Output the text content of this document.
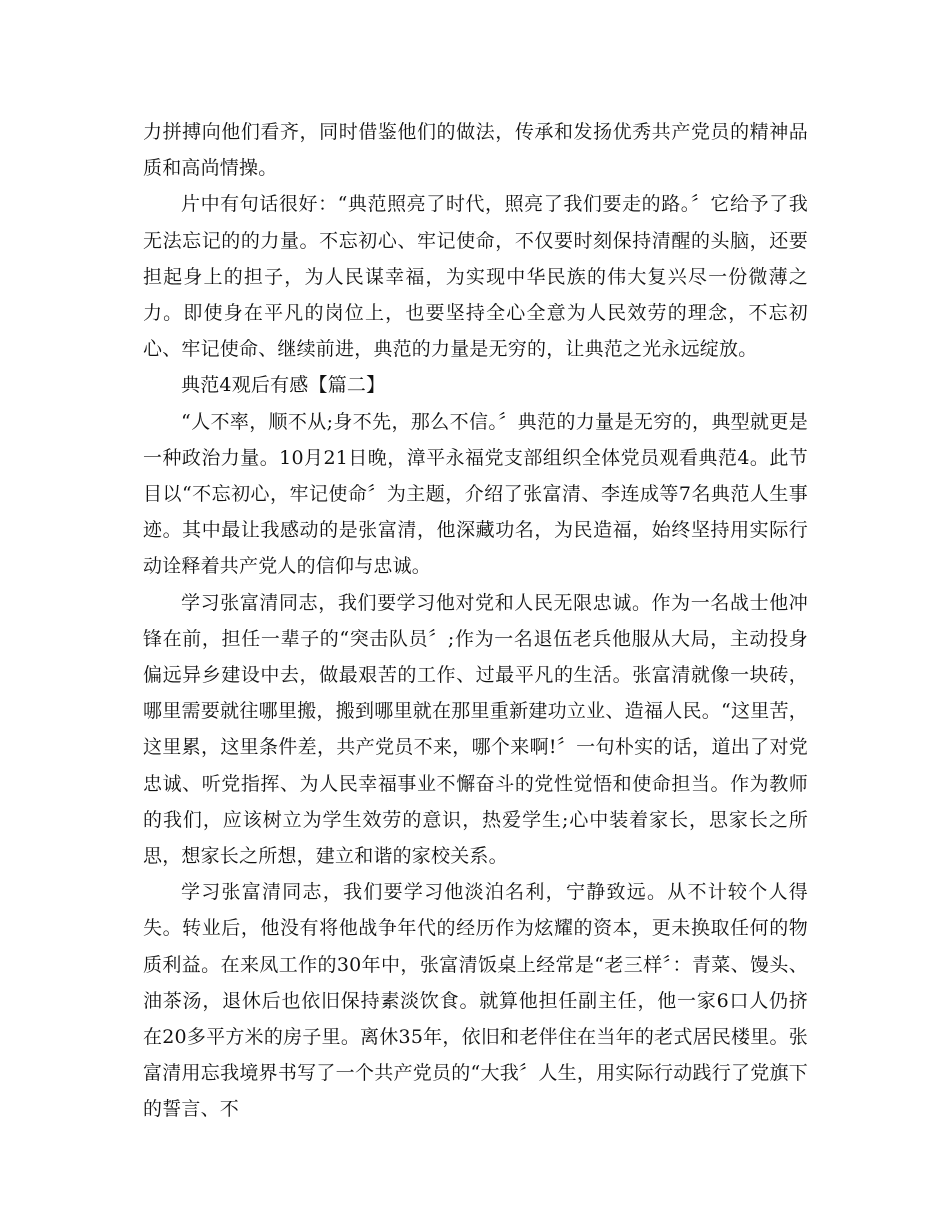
力拼搏向他们看齐，同时借鉴他们的做法，传承和发扬优秀共产党员的精神品质和高尚情操。

片中有句话很好：“典范照亮了时代，照亮了我们要走的路。〞它给予了我无法忘记的的力量。不忘初心、牢记使命，不仅要时刻保持清醒的头脑，还要担起身上的担子，为人民谋幸福，为实现中华民族的伟大复兴尽一份微薄之力。即使身在平凡的岗位上，也要坚持全心全意为人民效劳的理念，不忘初心、牢记使命、继续前进，典范的力量是无穷的，让典范之光永远绽放。

典范4观后有感【篇二】

“人不率，顺不从;身不先，那么不信。〞典范的力量是无穷的，典型就更是一种政治力量。10月21日晚，漳平永福党支部组织全体党员观看典范4。此节目以“不忘初心，牢记使命〞为主题，介绍了张富清、李连成等7名典范人生事迹。其中最让我感动的是张富清，他深藏功名，为民造福，始终坚持用实际行动诠释着共产党人的信仰与忠诚。

学习张富清同志，我们要学习他对党和人民无限忠诚。作为一名战士他冲锋在前，担任一辈子的“突击队员〞;作为一名退伍老兵他服从大局，主动投身偏远异乡建设中去，做最艰苦的工作、过最平凡的生活。张富清就像一块砖，哪里需要就往哪里搬，搬到哪里就在那里重新建功立业、造福人民。“这里苦，这里累，这里条件差，共产党员不来，哪个来啊!〞一句朴实的话，道出了对党忠诚、听党指挥、为人民幸福事业不懈奋斗的党性觉悟和使命担当。作为教师的我们，应该树立为学生效劳的意识，热爱学生;心中装着家长，思家长之所思，想家长之所想，建立和谐的家校关系。

学习张富清同志，我们要学习他淡泊名利，宁静致远。从不计较个人得失。转业后，他没有将他战争年代的经历作为炫耀的资本，更未换取任何的物质利益。在来凤工作的30年中，张富清饭桌上经常是“老三样〞：青菜、馒头、油茶汤，退休后也依旧保持素淡饮食。就算他担任副主任，他一家6口人仍挤在20多平方米的房子里。离休35年，依旧和老伴住在当年的老式居民楼里。张富清用忘我境界书写了一个共产党员的“大我〞人生，用实际行动践行了党旗下的誓言、不
